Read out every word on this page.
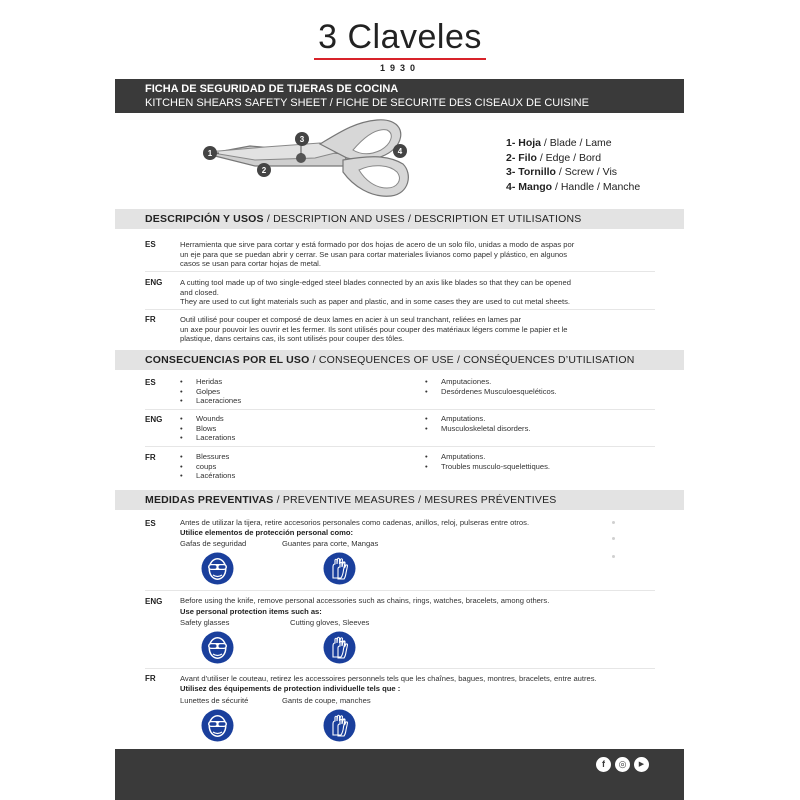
3 Claveles
1930
FICHA DE SEGURIDAD DE TIJERAS DE COCINA
KITCHEN SHEARS SAFETY SHEET / FICHE DE SECURITE DES CISEAUX DE CUISINE
1
2
3
4
1- Hoja / Blade / Lame
2- Filo / Edge / Bord
3- Tornillo / Screw / Vis
4- Mango / Handle / Manche
DESCRIPCIÓN Y USOS / DESCRIPTION AND USES / DESCRIPTION ET UTILISATIONS
ES	Herramienta que sirve para cortar y está formado por dos hojas de acero de un solo filo, unidas a modo de aspas por
un eje para que se puedan abrir y cerrar. Se usan para cortar materiales livianos como papel y plástico, en algunos
casos se usan para cortar hojas de metal.
ENG A cutting tool made up of two single-edged steel blades connected by an axis like blades so that they can be opened
and closed.
They are used to cut light materials such as paper and plastic, and in some cases they are used to cut metal sheets.
FR	Outil utilisé pour couper et composé de deux lames en acier à un seul tranchant, reliées en lames par
un axe pour pouvoir les ouvrir et les fermer. Ils sont utilisés pour couper des matériaux légers comme le papier et le
plastique, dans certains cas, ils sont utilisés pour couper des tôles.
CONSECUENCIAS POR EL USO / CONSEQUENCES OF USE / CONSÉQUENCES D’UTILISATION
ES	• Heridas
• Golpes
• Laceraciones
• Amputaciones.
• Desórdenes Musculoesqueléticos.
ENG	• Wounds
• Blows
• Lacerations
• Amputations.
• Musculoskeletal disorders.
FR	• Blessures
• coups
• Lacérations
• Amputations.
• Troubles musculo-squelettiques.
MEDIDAS PREVENTIVAS / PREVENTIVE MEASURES / MESURES PRÉVENTIVES
ES	Antes de utilizar la tijera, retire accesorios personales como cadenas, anillos, reloj, pulseras entre otros.
Utilice elementos de protección personal como:
Gafas de seguridad	Guantes para corte, Mangas
ENG Before using the knife, remove personal accessories such as chains, rings, watches, bracelets, among others.
Use personal protection items such as:
Safety glasses	Cutting gloves, Sleeves
FR	Avant d'utiliser le couteau, retirez les accessoires personnels tels que les chaînes, bagues, montres, bracelets, entre autres.
Utilisez des équipements de protection individuelle tels que :
Lunettes de sécurité	Gants de coupe, manches
f	◎	▶
